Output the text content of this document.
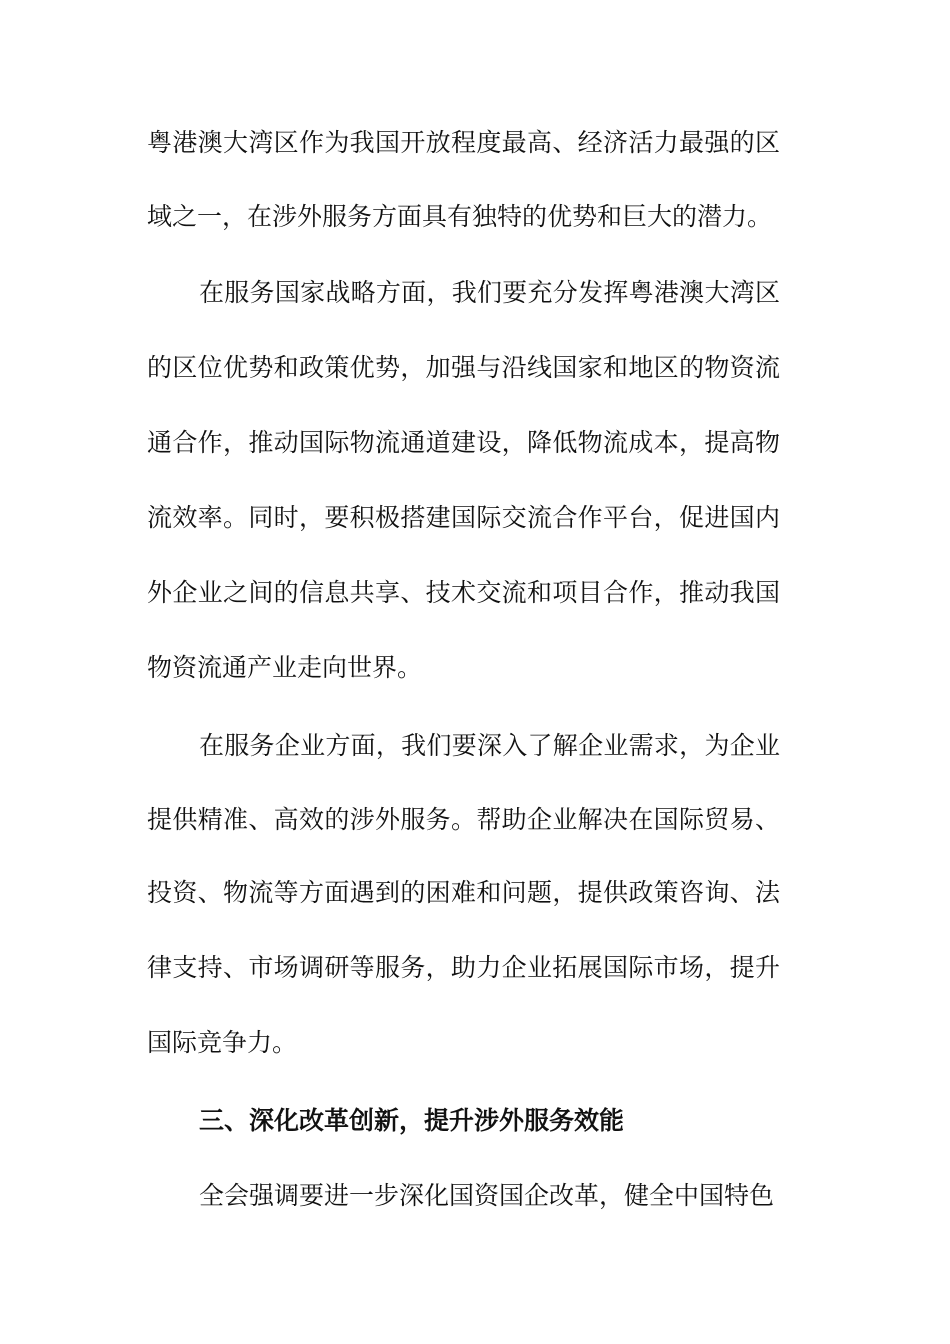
粤港澳大湾区作为我国开放程度最高、经济活力最强的区
域之一，在涉外服务方面具有独特的优势和巨大的潜力。
在服务国家战略方面，我们要充分发挥粤港澳大湾区
的区位优势和政策优势，加强与沿线国家和地区的物资流
通合作，推动国际物流通道建设，降低物流成本，提高物
流效率。同时，要积极搭建国际交流合作平台，促进国内
外企业之间的信息共享、技术交流和项目合作，推动我国
物资流通产业走向世界。
在服务企业方面，我们要深入了解企业需求，为企业
提供精准、高效的涉外服务。帮助企业解决在国际贸易、
投资、物流等方面遇到的困难和问题，提供政策咨询、法
律支持、市场调研等服务，助力企业拓展国际市场，提升
国际竞争力。
三、深化改革创新，提升涉外服务效能
全会强调要进一步深化国资国企改革，健全中国特色
